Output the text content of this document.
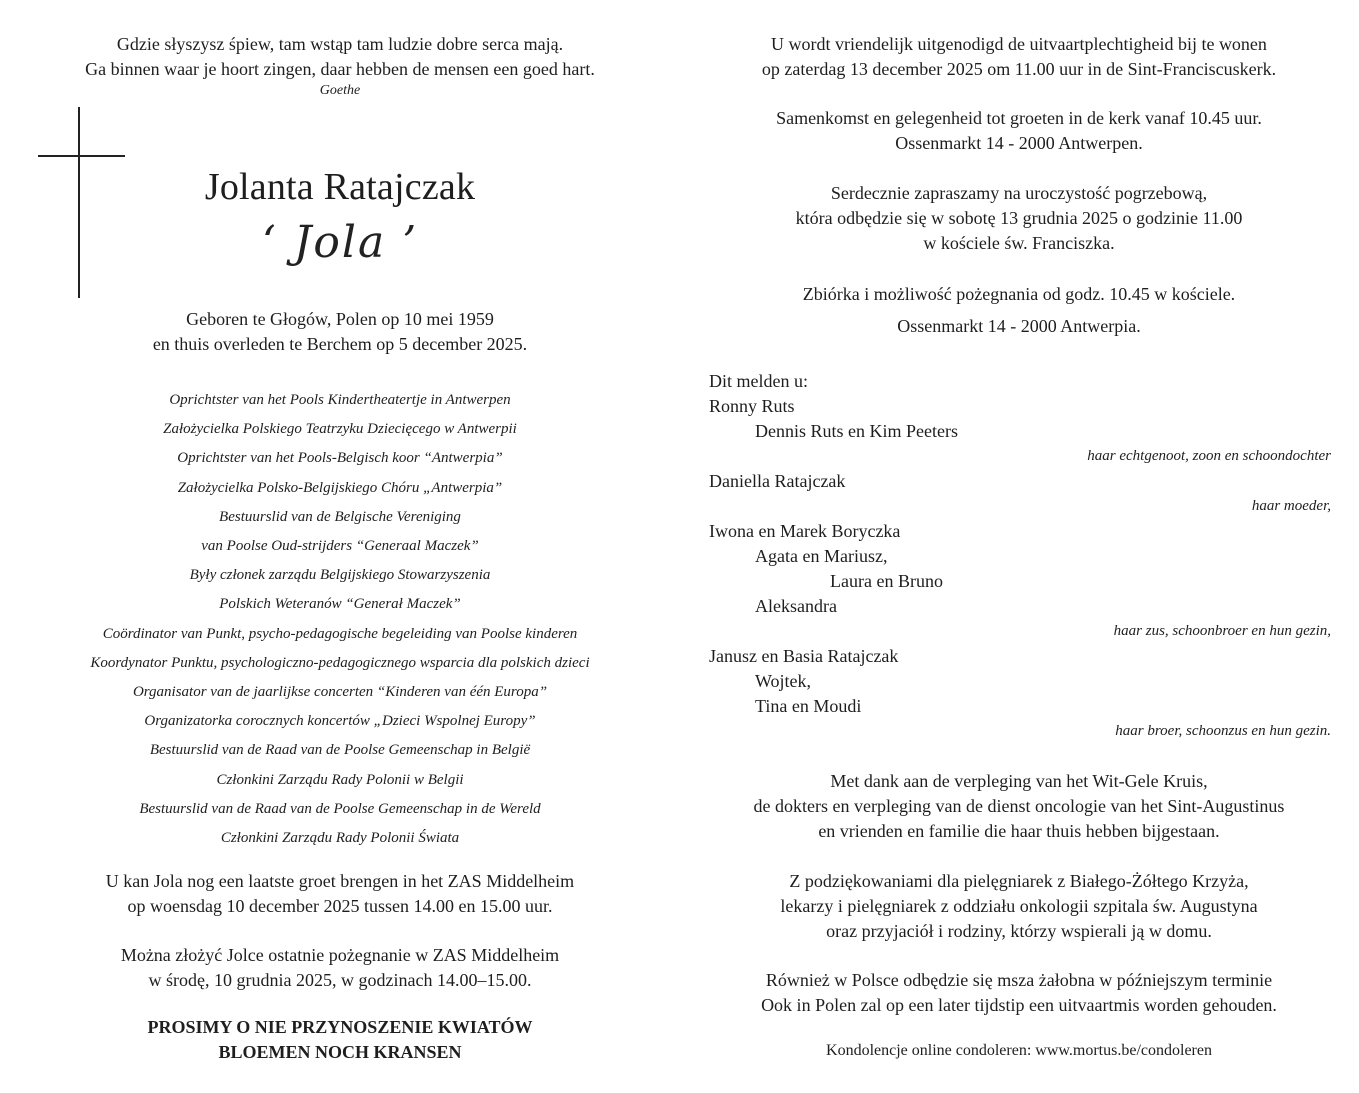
Gdzie słyszysz śpiew, tam wstąp tam ludzie dobre serca mają.

Ga binnen waar je hoort zingen, daar hebben de mensen een goed hart.

Goethe

Jolanta Ratajczak
‘ Jola ’

Geboren te Głogów, Polen op 10 mei 1959

en thuis overleden te Berchem op 5 december 2025.

Oprichtster van het Pools Kindertheatertje in Antwerpen

Założycielka Polskiego Teatrzyku Dziecięcego w Antwerpii

Oprichtster van het Pools-Belgisch koor “Antwerpia”

Założycielka Polsko-Belgijskiego Chóru „Antwerpia”

Bestuurslid van de Belgische Vereniging

van Poolse Oud-strijders “Generaal Maczek”

Były członek zarządu Belgijskiego Stowarzyszenia

Polskich Weteranów “Generał Maczek”

Coördinator van Punkt, psycho-pedagogische begeleiding van Poolse kinderen

Koordynator Punktu, psychologiczno-pedagogicznego wsparcia dla polskich dzieci

Organisator van de jaarlijkse concerten “Kinderen van één Europa”

Organizatorka corocznych koncertów „Dzieci Wspolnej Europy”

Bestuurslid van de Raad van de Poolse Gemeenschap in België

Członkini Zarządu Rady Polonii w Belgii

Bestuurslid van de Raad van de Poolse Gemeenschap in de Wereld

Członkini Zarządu Rady Polonii Świata

U kan Jola nog een laatste groet brengen in het ZAS Middelheim

op woensdag 10 december 2025 tussen 14.00 en 15.00 uur.

Można złożyć Jolce ostatnie pożegnanie w ZAS Middelheim

w środę, 10 grudnia 2025, w godzinach 14.00–15.00.

PROSIMY O NIE PRZYNOSZENIE KWIATÓW

BLOEMEN NOCH KRANSEN

U wordt vriendelijk uitgenodigd de uitvaartplechtigheid bij te wonen

op zaterdag 13 december 2025 om 11.00 uur in de Sint-Franciscuskerk.

Samenkomst en gelegenheid tot groeten in de kerk vanaf 10.45 uur.

Ossenmarkt 14 - 2000 Antwerpen.

Serdecznie zapraszamy na uroczystość pogrzebową,

która odbędzie się w sobotę 13 grudnia 2025 o godzinie 11.00

w kościele św. Franciszka.

Zbiórka i możliwość pożegnania od godz. 10.45 w kościele.

Ossenmarkt 14 - 2000 Antwerpia.

Dit melden u:

Ronny Ruts

Dennis Ruts en Kim Peeters

haar echtgenoot, zoon en schoondochter

Daniella Ratajczak

haar moeder,

Iwona en Marek Boryczka

Agata en Mariusz,

Laura en Bruno

Aleksandra

haar zus, schoonbroer en hun gezin,

Janusz en Basia Ratajczak

Wojtek,

Tina en Moudi

haar broer, schoonzus en hun gezin.

Met dank aan de verpleging van het Wit-Gele Kruis,

de dokters en verpleging van de dienst oncologie van het Sint-Augustinus

en vrienden en familie die haar thuis hebben bijgestaan.

Z podziękowaniami dla pielęgniarek z Białego-Żółtego Krzyża,

lekarzy i pielęgniarek z oddziału onkologii szpitala św. Augustyna

oraz przyjaciół i rodziny, którzy wspierali ją w domu.

Również w Polsce odbędzie się msza żałobna w późniejszym terminie

Ook in Polen zal op een later tijdstip een uitvaartmis worden gehouden.

Kondolencje online condoleren: www.mortus.be/condoleren
